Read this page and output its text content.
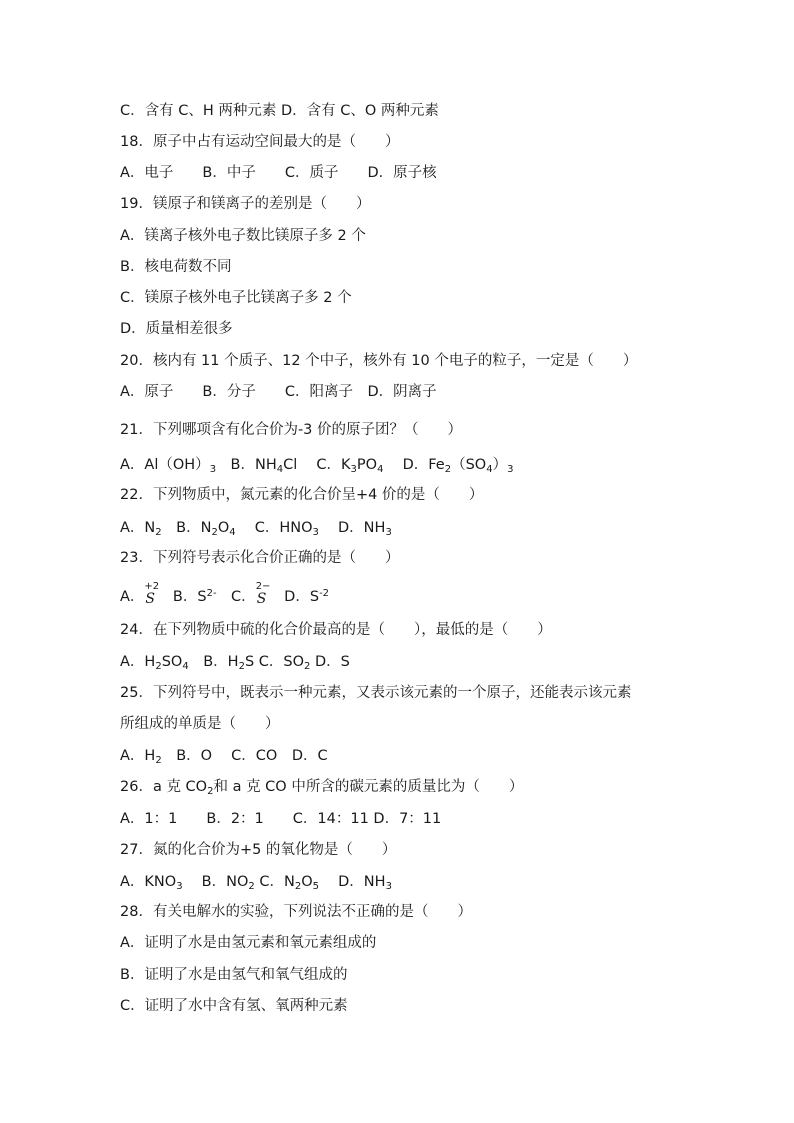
C．含有 C、H 两种元素 D．含有 C、O 两种元素
18．原子中占有运动空间最大的是（　　）
A．电子　　B．中子　　C．质子　　D．原子核
19．镁原子和镁离子的差别是（　　）
A．镁离子核外电子数比镁原子多 2 个
B．核电荷数不同
C．镁原子核外电子比镁离子多 2 个
D．质量相差很多
20．核内有 11 个质子、12 个中子，核外有 10 个电子的粒子，一定是（　　）
A．原子　　B．分子　　C．阳离子　D．阴离子
21．下列哪项含有化合价为-3 价的原子团？（　　）
A．$Al(OH)_3$　B．$NH_4Cl$　 C．$K_3PO_4$　 D．$Fe_2(SO_4)_3$
22．下列物质中，氮元素的化合价呈+4 价的是（　　）
A．$N_2$　B．$N_2O_4$　 C．$HNO_3$　 D．$NH_3$
23．下列符号表示化合价正确的是（　　）
A．
+2
S 　B．$S^{2-}$　C．
2−
S 　D．$S^{-2}$
24．在下列物质中硫的化合价最高的是（　　），最低的是（　　）
A．$H_2SO_4$　B．$H_2S$ C．$SO_2$ D．S
25．下列符号中，既表示一种元素，又表示该元素的一个原子，还能表示该元素
所组成的单质是（　　）
A．$H_2$　B．O　 C．CO　D．C
26．a 克 $CO_2$和 a 克 CO 中所含的碳元素的质量比为（　　）
A．1：1　　B．2：1　　C．14：11 D．7：11
27．氮的化合价为+5 的氧化物是（　　）
A．$KNO_3$　 B．$NO_2$ C．$N_2O_5$　 D．$NH_3$
28．有关电解水的实验，下列说法不正确的是（　　）
A．证明了水是由氢元素和氧元素组成的
B．证明了水是由氢气和氧气组成的
C．证明了水中含有氢、氧两种元素
